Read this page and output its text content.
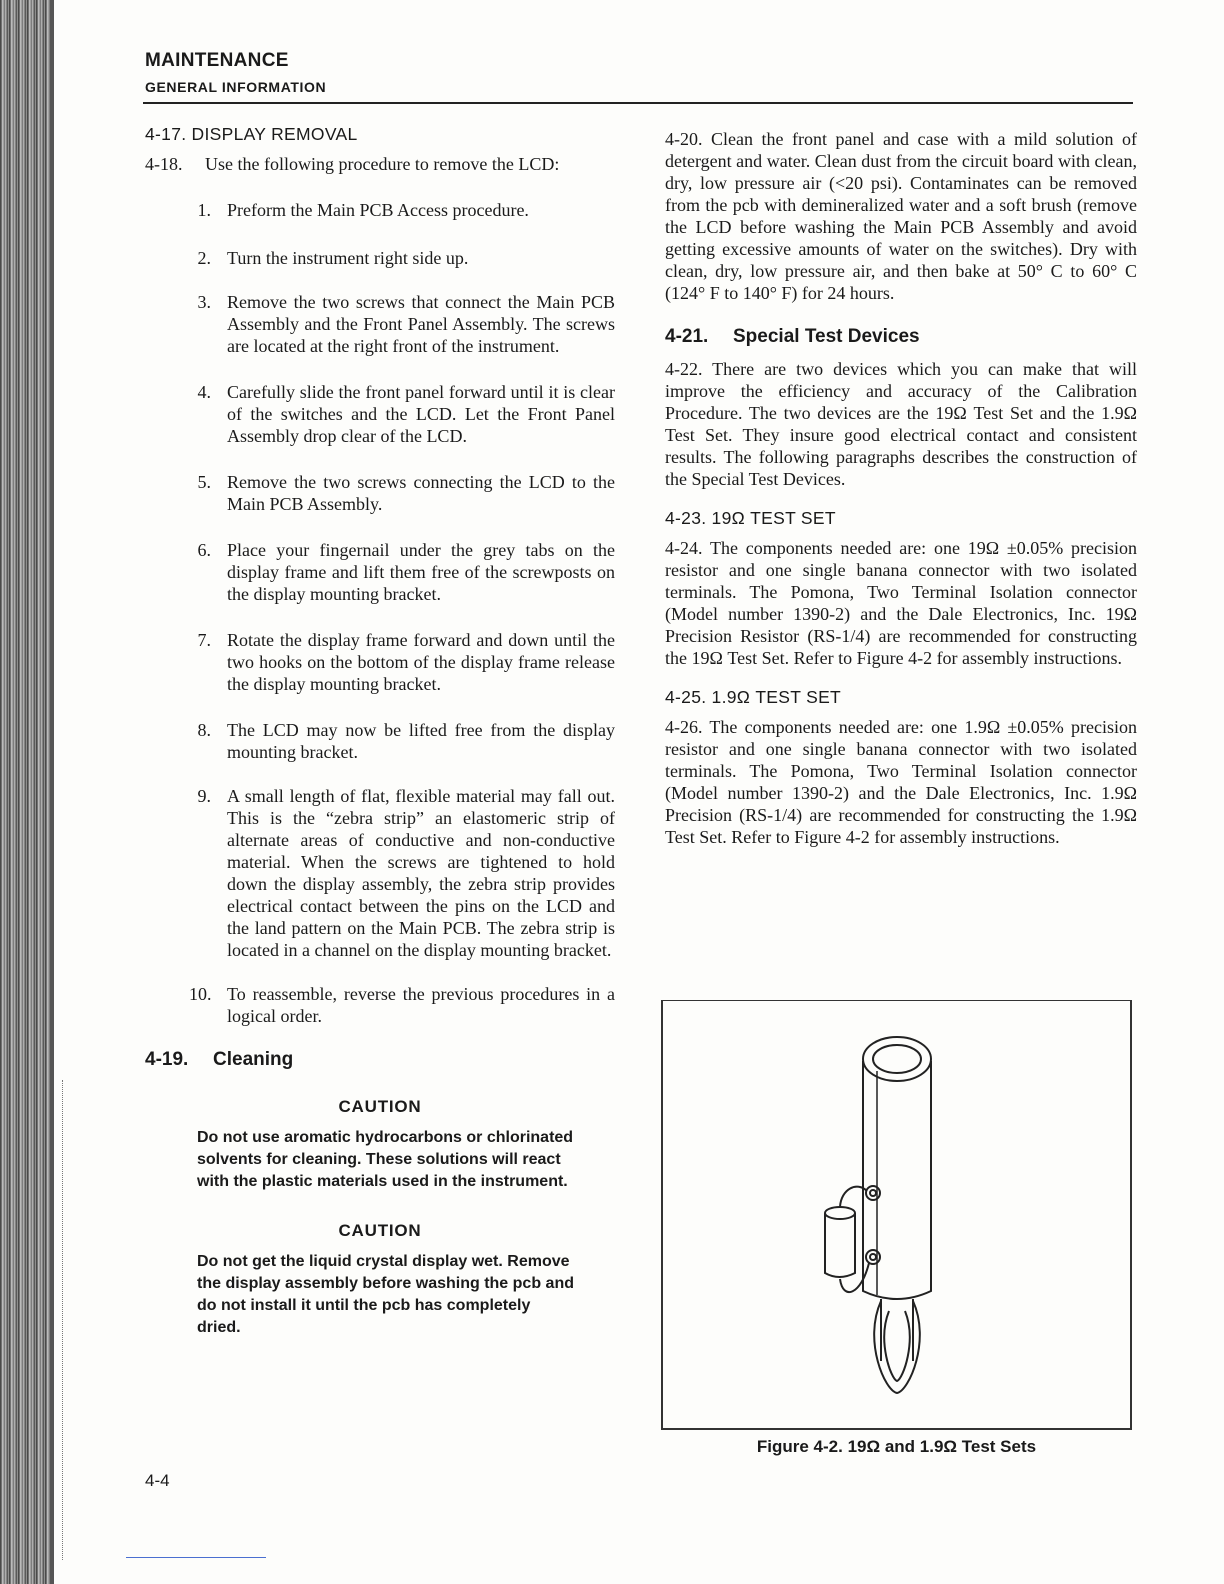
MAINTENANCE
GENERAL INFORMATION
4-17. DISPLAY REMOVAL

4-18. Use the following procedure to remove the LCD:

1. Preform the Main PCB Access procedure.
2. Turn the instrument right side up.
3. Remove the two screws that connect the Main PCB Assembly and the Front Panel Assembly. The screws are located at the right front of the instrument.
4. Carefully slide the front panel forward until it is clear of the switches and the LCD. Let the Front Panel Assembly drop clear of the LCD.
5. Remove the two screws connecting the LCD to the Main PCB Assembly.
6. Place your fingernail under the grey tabs on the display frame and lift them free of the screwposts on the display mounting bracket.
7. Rotate the display frame forward and down until the two hooks on the bottom of the display frame release the display mounting bracket.
8. The LCD may now be lifted free from the display mounting bracket.
9. A small length of flat, flexible material may fall out. This is the “zebra strip” an elastomeric strip of alternate areas of conductive and non-conductive material. When the screws are tightened to hold down the display assembly, the zebra strip provides electrical contact between the pins on the LCD and the land pattern on the Main PCB. The zebra strip is located in a channel on the display mounting bracket.
10. To reassemble, reverse the previous procedures in a logical order.
4-19. Cleaning
CAUTION
Do not use aromatic hydrocarbons or chlorinated solvents for cleaning. These solutions will react with the plastic materials used in the instrument.
CAUTION
Do not get the liquid crystal display wet. Remove the display assembly before washing the pcb and do not install it until the pcb has completely dried.

4-20. Clean the front panel and case with a mild solution of detergent and water. Clean dust from the circuit board with clean, dry, low pressure air (<20 psi). Contaminates can be removed from the pcb with demineralized water and a soft brush (remove the LCD before washing the Main PCB Assembly and avoid getting excessive amounts of water on the switches). Dry with clean, dry, low pressure air, and then bake at 50° C to 60° C (124° F to 140° F) for 24 hours.

4-21. Special Test Devices

4-22. There are two devices which you can make that will improve the efficiency and accuracy of the Calibration Procedure. The two devices are the 19Ω Test Set and the 1.9Ω Test Set. They insure good electrical contact and consistent results. The following paragraphs describes the construction of the Special Test Devices.

4-23. 19Ω TEST SET

4-24. The components needed are: one 19Ω ±0.05% precision resistor and one single banana connector with two isolated terminals. The Pomona, Two Terminal Isolation connector (Model number 1390-2) and the Dale Electronics, Inc. 19Ω Precision Resistor (RS-1/4) are recommended for constructing the 19Ω Test Set. Refer to Figure 4-2 for assembly instructions.

4-25. 1.9Ω TEST SET

4-26. The components needed are: one 1.9Ω ±0.05% precision resistor and one single banana connector with two isolated terminals. The Pomona, Two Terminal Isolation connector (Model number 1390-2) and the Dale Electronics, Inc. 1.9Ω Precision (RS-1/4) are recommended for constructing the 1.9Ω Test Set. Refer to Figure 4-2 for assembly instructions.

Figure 4-2. 19Ω and 1.9Ω Test Sets
4-4
